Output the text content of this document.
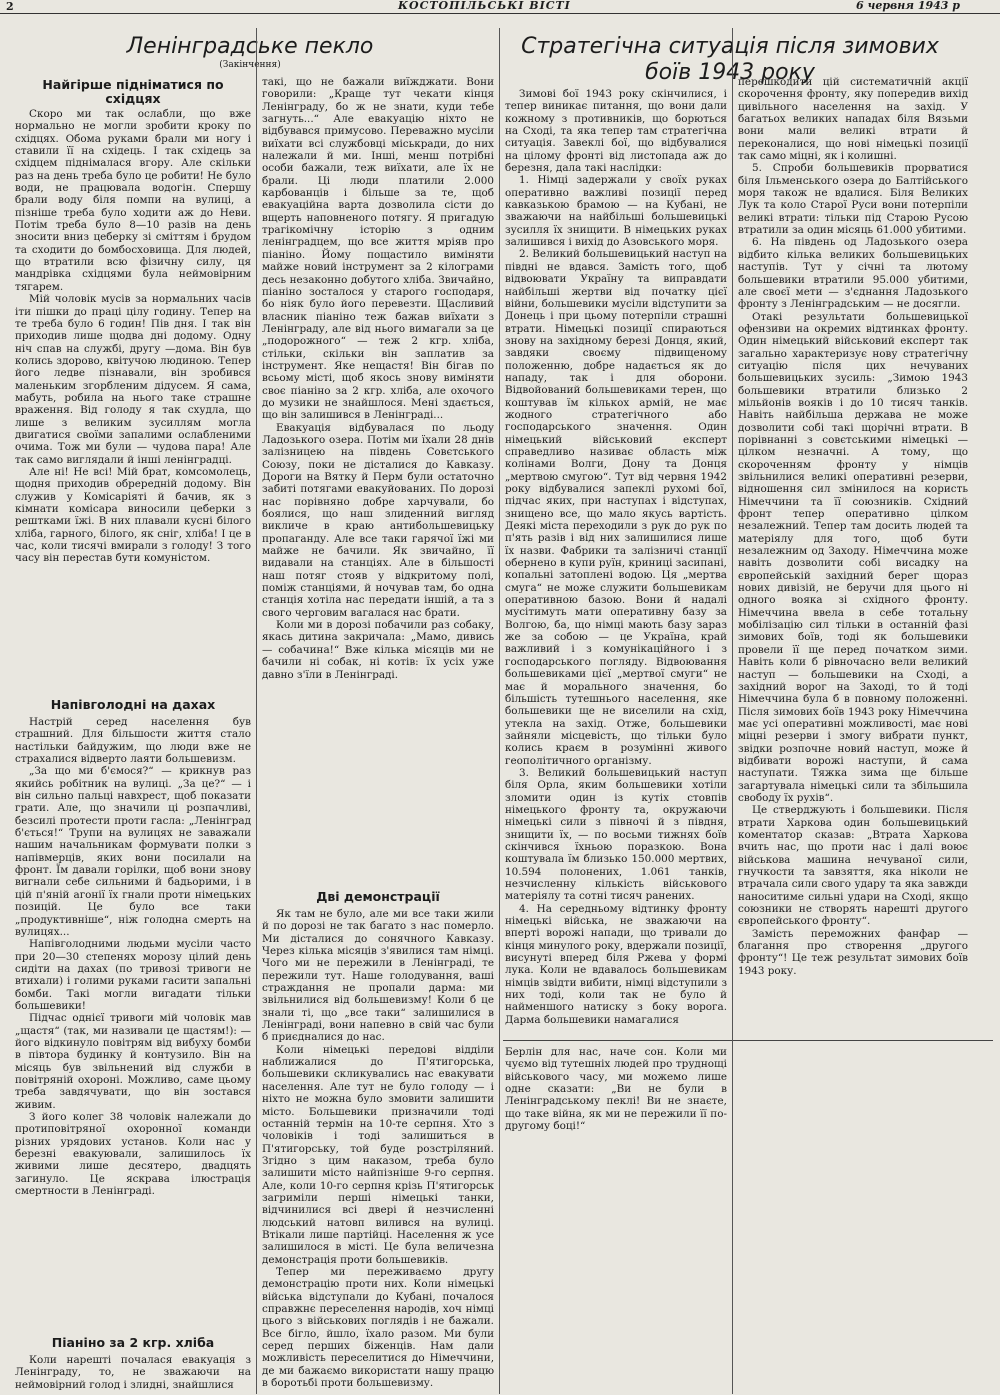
2	КОСТОПІЛЬСЬКІ ВІСТІ	6 червня 1943 р
Ленінградське пекло
(Закінчення)
Стратегічна ситуація після зимових боїв 1943 року
Найгірше підніматися по східцях

Скоро ми так ослабли, що вже нормально не могли зробити кроку по східцях. Обома руками брали ми ногу і ставили її на східець. І так східець за східцем піднімалася вгору. Але скільки раз на день треба було це робити! Не було води, не працювала водогін. Спершу брали воду біля помпи на вулиці, а пізніше треба було ходити аж до Неви. Потім треба було 8—10 разів на день зносити вниз цеберку зі сміттям і брудом та сходити до бомбосховища. Для людей, що втратили всю фізичну силу, ця мандрівка східцями була неймовірним тягарем.

Мій чоловік мусів за нормальних часів іти пішки до праці цілу годину. Тепер на те треба було 6 годин! Пів дня. І так він приходив лише щодва дні додому. Одну ніч спав на службі, другу —дома. Він був колись здорово, квітучою людиною. Тепер його ледве пізнавали, він зробився маленьким згорбленим дідусем. Я сама, мабуть, робила на нього таке страшне враження. Від голоду я так схудла, що лише з великим зусиллям могла двигатися своїми запалими ослабленими очима. Тож ми були — чудова пара! Але так само виглядали й інші ленінградці.

Але ні! Не всі! Мій брат, комсомолець, щодня приходив обрередній додому. Він служив у Комісаріяті й бачив, як з кімнати комісара виносили цеберки з рештками їжі. В них плавали кусні білого хліба, гарного, білого, як сніг, хліба! І це в час, коли тисячі вмирали з голоду! З того часу він перестав бути комуністом.

Напівголодні на дахах

Настрій серед населення був страшний. Для більшости життя стало настільки байдужим, що люди вже не страхалися відверто лаяти большевизм.

„За що ми б'ємося?“ — крикнув раз якийсь робітник на вулиці. „За це?“ — і він сильно пальці навхрест, щоб показати грати. Але, що значили ці розпачливі, безсилі протести проти гасла: „Ленінград б'ється!“ Трупи на вулицях не заважали нашим начальникам формувати полки з напівмерців, яких вони посилали на фронт. Їм давали горілки, щоб вони знову вигнали себе сильними й бадьорими, і в цій п'яній агонії їх гнали проти німецьких позицій. Це було все таки „продуктивніше“, ніж голодна смерть на вулицях...

Напівголодними людьми мусіли часто при 20—30 степенях морозу цілий день сидіти на дахах (по тривозі тривоги не втихали) і голими руками гасити запальні бомби. Такі могли вигадати тільки большевики!

Підчас однієї тривоги мій чоловік мав „щастя“ (так, ми називали це щастям!): — його відкинуло повітрям від вибуху бомби в півтора будинку й контузило. Він на місяць був звільнений від служби в повітряній охороні. Можливо, саме цьому треба завдячувати, що він зостався живим.

З його колег 38 чоловік належали до протиповітряної охоронної команди різних урядових установ. Коли нас у березні евакуювали, залишилось їх живими лише десятеро, двадцять загинуло. Це яскрава ілюстрація смертности в Ленінграді.

Піаніно за 2 кгр. хліба

Коли нарешті почалася евакуація з Ленінграду, то, не зважаючи на неймовірний голод і злидні, знайшлися

такі, що не бажали виїжджати. Вони говорили: „Краще тут чекати кінця Ленінграду, бо ж не знати, куди тебе загнуть...“ Але евакуацію ніхто не відбувався примусово. Переважно мусіли виїхати всі службовці міськради, до них належали й ми. Інші, менш потрібні особи бажали, теж виїхати, але їх не брали. Ці люди платили 2.000 карбованців і більше за те, щоб евакуаційна варта дозволила сісти до вщерть наповненого потягу. Я пригадую трагікомічну історію з одним ленінградцем, що все життя мріяв про піаніно. Йому пощастило виміняти майже новий інструмент за 2 кілограми десь незаконно добутого хліба. Звичайно, піаніно зосталося у старого господаря, бо ніяк було його перевезти. Щасливий власник піаніно теж бажав виїхати з Ленінграду, але від нього вимагали за це „подорожного“ — теж 2 кгр. хліба, стільки, скільки він заплатив за інструмент. Яке нещастя! Він бігав по всьому місті, щоб якось знову виміняти своє піаніно за 2 кгр. хліба, але охочого до музики не знайшлося. Мені здається, що він залишився в Ленінграді...

Евакуація відбувалася по льоду Ладозького озера. Потім ми їхали 28 днів залізницею на південь Совєтського Союзу, поки не дісталися до Кавказу. Дороги на Вятку й Перм були остаточно забиті потягами евакуйованих. По дорозі нас порівняно добре харчували, бо боялися, що наш злиденний вигляд викличе в краю антибольшевицьку пропаганду. Але все таки гарячої їжі ми майже не бачили. Як звичайно, її видавали на станціях. Але в більшості наш потяг стояв у відкритому полі, поміж станціями, й ночував там, бо одна станція хотіла нас передати іншій, а та з свого черговим вагалася нас брати.

Коли ми в дорозі побачили раз собаку, якась дитина закричала: „Мамо, дивись — собачина!“ Вже кілька місяців ми не бачили ні собак, ні котів: їх усіх уже давно з'їли в Ленінграді.

Дві демонстрації

Як там не було, але ми все таки жили й по дорозі не так багато з нас померло. Ми дісталися до сонячного Кавказу. Через кілька місяців з'явилися там німці. Чого ми не пережили в Ленінграді, те пережили тут. Наше голодування, ваші страждання не пропали дарма: ми звільнилися від большевизму! Коли б це знали ті, що „все таки“ залишилися в Ленінграді, вони напевно в свій час були б приєдналися до нас.

Коли німецькі передові відділи наближалися до П'ятигорська, большевики скликувались нас евакувати населення. Але тут не було голоду — і ніхто не можна було змовити залишити місто. Большевики призначили тоді останній термін на 10-те серпня. Хто з чоловіків і тоді залишиться в П'ятигорську, той буде розстріляний. Згідно з цим наказом, треба було залишити місто найпізніше 9-го серпня. Але, коли 10-го серпня крізь П'ятигорськ загриміли перші німецькі танки, відчинилися всі двері й незчисленні людський натовп вилився на вулиці. Втікали лише партійці. Населення ж усе залишилося в місті. Це була величезна демонстрація проти большевиків.

Тепер ми переживаємо другу демонстрацію проти них. Коли німецькі війська відступали до Кубані, почалося справжнє переселення народів, хоч німці цього з військових поглядів і не бажали. Все бігло, йшло, їхало разом. Ми були серед перших біженців. Нам дали можливість переселитися до Німеччини, де ми бажаємо використати нашу працю в боротьбі проти большевизму.

Зимові бої 1943 року скінчилися, і тепер виникає питання, що вони дали кожному з противників, що борються на Сході, та яка тепер там стратегічна ситуація. Завеклі бої, що відбувалися на цілому фронті від листопада аж до березня, дала такі наслідки:

1. Німці задержали у своїх руках оперативно важливі позиції перед кавказькою брамою — на Кубані, не зважаючи на найбільші большевицькі зусилля їх знищити. В німецьких руках залишився і вихід до Азовського моря.

2. Великий большевицький наступ на півдні не вдався. Замість того, щоб відвоювати Україну та виправдати найбільші жертви від початку цієї війни, большевики мусіли відступити за Донець і при цьому потерпіли страшні втрати. Німецькі позиції спираються знову на західному березі Донця, який, завдяки своєму підвищеному положенню, добре надається як до нападу, так і для оборони. Відвойований большевиками терен, що коштував їм кількох армій, не має жодного стратегічного або господарського значення. Один німецький військовий експерт справедливо називає область між колінами Волги, Дону та Донця „мертвою смугою“. Тут від червня 1942 року відбувалися запеклі рухомі бої, підчас яких, при наступах і відступах, знищено все, що мало якусь вартість. Деякі міста переходили з рук до рук по п'ять разів і від них залишилися лише їх назви. Фабрики та залізничі станції обернено в купи руїн, криниці засипані, копальні затоплені водою. Ця „мертва смуга“ не може служити большевикам оперативною базою. Вони й надалі мусітимуть мати оперативну базу за Волгою, ба, що німці мають базу зараз же за собою — це Україна, край важливий і з комунікаційного і з господарського погляду. Відвоювання большевиками цієї „мертвої смуги“ не має й морального значення, бо більшість тутешнього населення, яке большевики ще не виселили на схід, утекла на захід. Отже, большевики зайняли місцевість, що тільки було колись краєм в розумінні живого геополітичного організму.

3. Великий большевицький наступ біля Орла, яким большевики хотіли зломити один із кутіх стовпів німецького фронту та, окружаючи німецькі сили з півночі й з півдня, знищити їх, — по восьми тижнях боїв скінчився їхньою поразкою. Вона коштувала їм близько 150.000 мертвих, 10.594 полонених, 1.061 танків, незчисленну кількість військового матеріялу та сотні тисяч ранених.

4. На середньому відтинку фронту німецькі війська, не зважаючи на вперті ворожі напади, що тривали до кінця минулого року, вдержали позиції, висунуті вперед біля Ржева у формі лука. Коли не вдавалось большевикам німців звідти вибити, німці відступили з них тоді, коли так не було й найменшого натиску з боку ворога. Дарма большевики намагалися

Берлін для нас, наче сон. Коли ми чуємо від тутешніх людей про труднощі військового часу, ми можемо лише одне сказати: „Ви не були в Ленінградському пеклі! Ви не знаєте, що таке війна, як ми не пережили її по-другому боці!“

перешкодити цій систематичній акції скорочення фронту, яку попередив вихід цивільного населення на захід. У багатьох великих нападах біля Вязьми вони мали великі втрати й переконалися, що нові німецькі позиції так само міцні, як і колишні.

5. Спроби большевиків прорватися біля Ільменського озера до Балтійського моря також не вдалися. Біля Великих Лук та коло Старої Руси вони потерпіли великі втрати: тільки під Старою Русою втратили за один місяць 61.000 убитими.

6. На південь од Ладозького озера відбито кілька великих большевицьких наступів. Тут у січні та лютому большевики втратили 95.000 убитими, але своєї мети — з'єднання Ладозького фронту з Ленінградським — не досягли.

Отакі результати большевицької офензиви на окремих відтинках фронту. Один німецький військовий експерт так загально характеризує нову стратегічну ситуацію після цих нечуваних большевицьких зусиль: „Зимою 1943 большевики втратили близько 2 мільйонів вояків і до 10 тисяч танків. Навіть найбільша держава не може дозволити собі такі щорічні втрати. В порівнанні з совєтськими німецькі — цілком незначні. А тому, що скороченням фронту у німців звільнилися великі оперативні резерви, відношення сил змінилося на користь Німеччини та її союзників. Східний фронт тепер оперативно цілком незалежний. Тепер там досить людей та матеріялу для того, щоб бути незалежним од Заходу. Німеччина може навіть дозволити собі висадку на європейській західний берег щораз нових дивізій, не беручи для цього ні одного вояка зі східного фронту. Німеччина ввела в себе тотальну мобілізацію сил тільки в останній фазі зимових боїв, тоді як большевики провели її ще перед початком зими. Навіть коли б рівночасно вели великий наступ — большевики на Сході, а західний ворог на Заході, то й тоді Німеччина була б в повному положенні. Після зимових боїв 1943 року Німеччина має усі оперативні можливості, має нові міцні резерви і змогу вибрати пункт, звідки розпочне новий наступ, може й відбивати ворожі наступи, й сама наступати. Тяжка зима ще більше загартувала німецькі сили та збільшила свободу їх рухів“.

Це стверджують і большевики. Після втрати Харкова один большевицький коментатор сказав: „Втрата Харкова вчить нас, що проти нас і далі воює військова машина нечуваної сили, гнучкости та завзяття, яка ніколи не втрачала сили свого удару та яка завжди наноситиме сильні удари на Сході, якщо союзники не створять нарешті другого європейського фронту“.

Замість переможних фанфар — благання про створення „другого фронту“! Це теж результат зимових боїв 1943 року.
